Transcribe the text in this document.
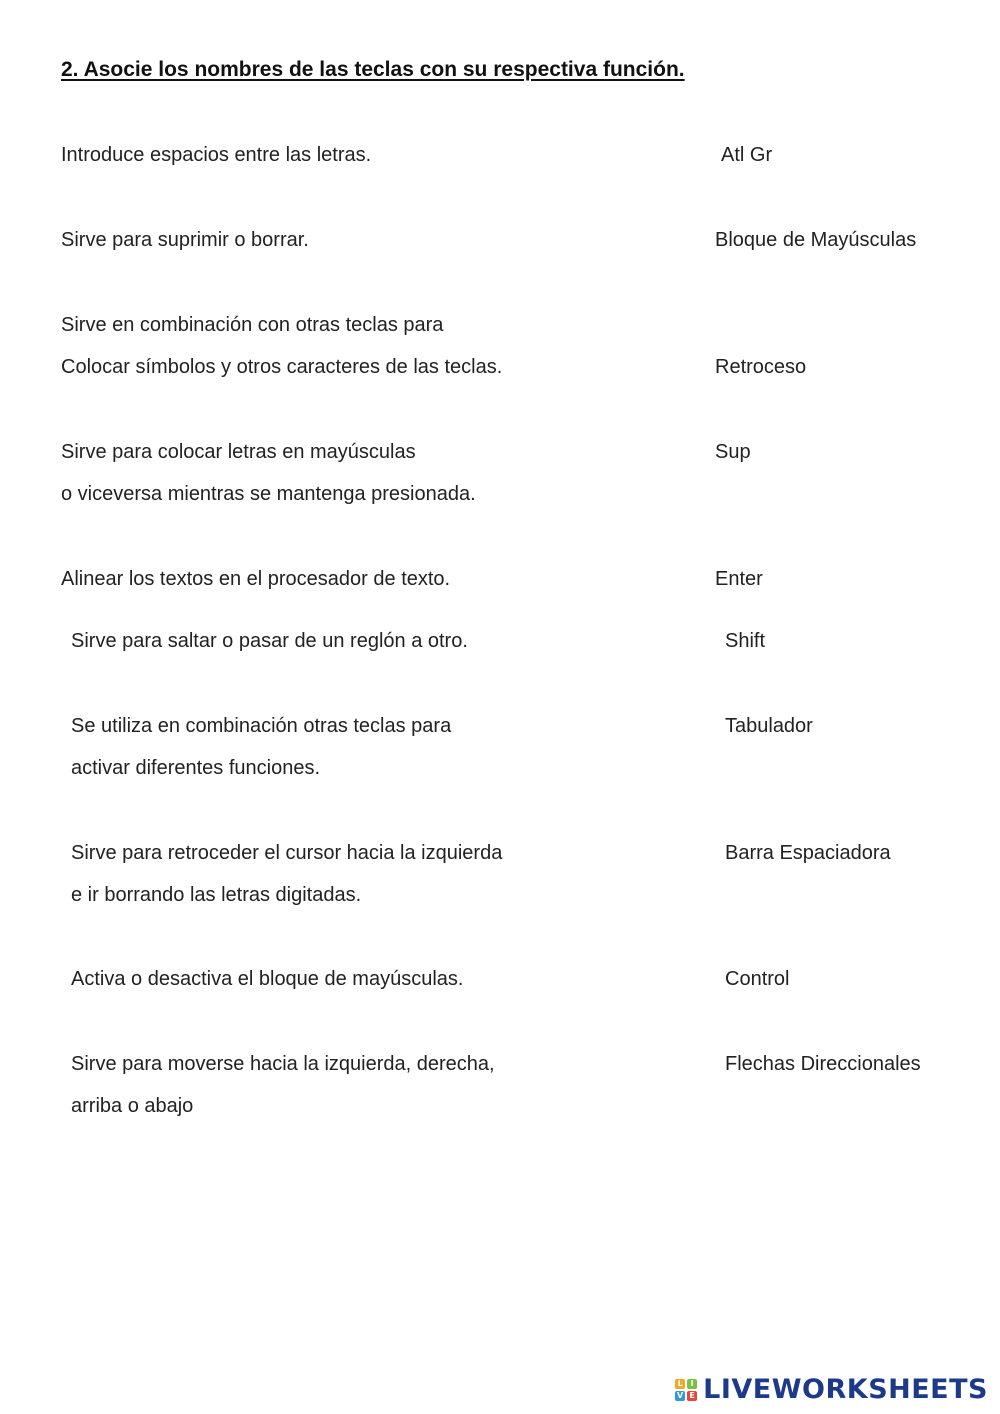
2. Asocie los nombres de las teclas con su respectiva función.
Introduce espacios entre las letras.
Sirve para suprimir o borrar.
Sirve en combinación con otras teclas para
Colocar símbolos y otros caracteres de las teclas.
Sirve para colocar letras en mayúsculas
o viceversa mientras se mantenga presionada.
Alinear los textos en el procesador de texto.
Sirve para saltar o pasar de un reglón a otro.
Se utiliza en combinación otras teclas para
activar diferentes funciones.
Sirve para retroceder el cursor hacia la izquierda
e ir borrando las letras digitadas.
Activa o desactiva el bloque de mayúsculas.
Sirve para moverse hacia la izquierda, derecha,
arriba o abajo
Atl Gr
Bloque de Mayúsculas
Retroceso
Sup
Enter
Shift
Tabulador
Barra Espaciadora
Control
Flechas Direccionales
L I
V E LIVEWORKSHEETS
